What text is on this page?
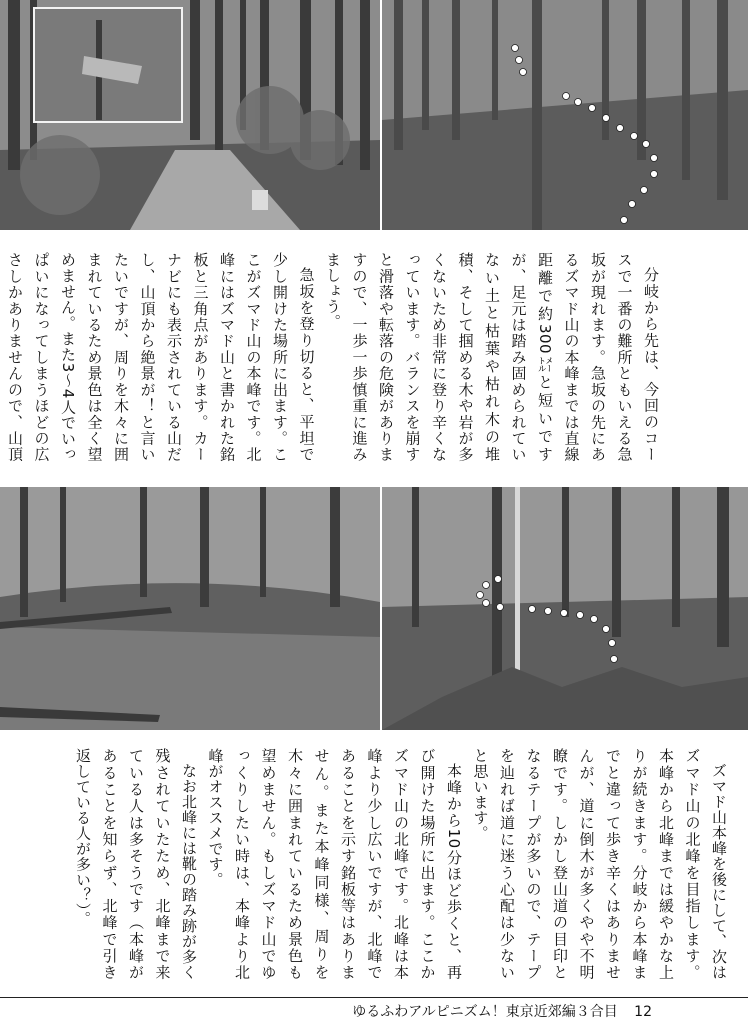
分岐から先は、今回のコースで一番の難所ともいえる急坂が現れます。急坂の先にあるズマド山の本峰までは直線距離で約300㍍と短いですが、足元は踏み固められていない土と枯葉や枯れ木の堆積、そして掴める木や岩が多くないため非常に登り辛くなっています。バランスを崩すと滑落や転落の危険がありますので、一歩一歩慎重に進みましょう。

急坂を登り切ると、平坦で少し開けた場所に出ます。ここがズマド山の本峰です。北峰にはズマド山と書かれた銘板と三角点があります。カーナビにも表示されている山だし、山頂から絶景が！と言いたいですが、周りを木々に囲まれているため景色は全く望めません。また3～4人でいっぱいになってしまうほどの広さしかありませんので、山頂

ズマド山本峰を後にして、次はズマド山の北峰を目指します。本峰から北峰までは緩やかな上りが続きます。分岐から本峰までと違って歩き辛くはありませんが、道に倒木が多くやや不明瞭です。しかし登山道の目印となるテープが多いので、テープを辿れば道に迷う心配は少ないと思います。

本峰から10分ほど歩くと、再び開けた場所に出ます。ここかズマド山の北峰です。北峰は本峰より少し広いですが、北峰であることを示す銘板等はありません。また本峰同様、周りを木々に囲まれているため景色も望めません。もしズマド山でゆっくりしたい時は、本峰より北峰がオススメです。

なお北峰には靴の踏み跡が多く残されていたため、北峰まで来ている人は多そうです（本峰があることを知らず、北峰で引き返している人が多い？）。

ゆるふわアルピニズム！東京近郊編３合目 12
